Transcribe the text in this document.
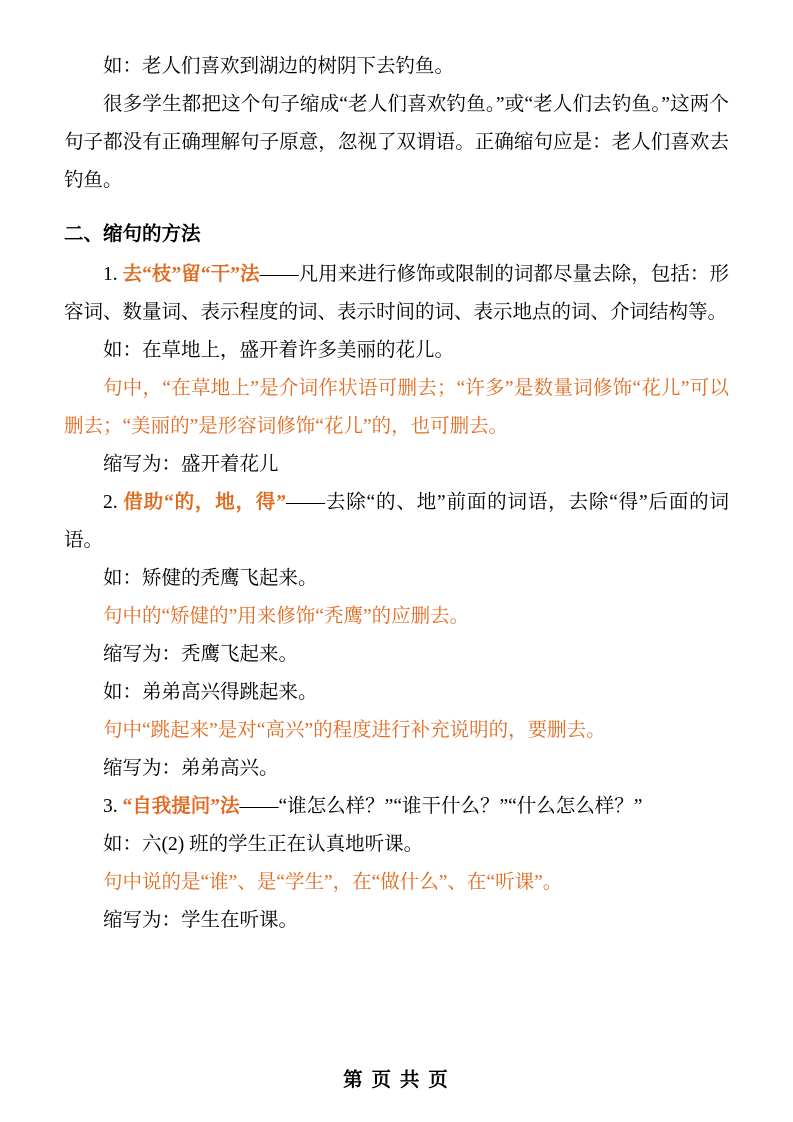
如：老人们喜欢到湖边的树阴下去钓鱼。

很多学生都把这个句子缩成“老人们喜欢钓鱼。”或“老人们去钓鱼。”这两个句子都没有正确理解句子原意，忽视了双谓语。正确缩句应是：老人们喜欢去钓鱼。

二、缩句的方法

1. 去“枝”留“干”法——凡用来进行修饰或限制的词都尽量去除，包括：形容词、数量词、表示程度的词、表示时间的词、表示地点的词、介词结构等。

如：在草地上，盛开着许多美丽的花儿。

句中，“在草地上”是介词作状语可删去；“许多”是数量词修饰“花儿”可以删去；“美丽的”是形容词修饰“花儿”的，也可删去。

缩写为：盛开着花儿

2. 借助“的，地，得”——去除“的、地”前面的词语，去除“得”后面的词语。

如：矫健的秃鹰飞起来。

句中的“矫健的”用来修饰“秃鹰”的应删去。

缩写为：秃鹰飞起来。

如：弟弟高兴得跳起来。

句中“跳起来”是对“高兴”的程度进行补充说明的，要删去。

缩写为：弟弟高兴。

3. “自我提问”法——“谁怎么样？”“谁干什么？”“什么怎么样？”

如：六(2) 班的学生正在认真地听课。

句中说的是“谁”、是“学生”，在“做什么”、在“听课”。

缩写为：学生在听课。

第 页 共 页
